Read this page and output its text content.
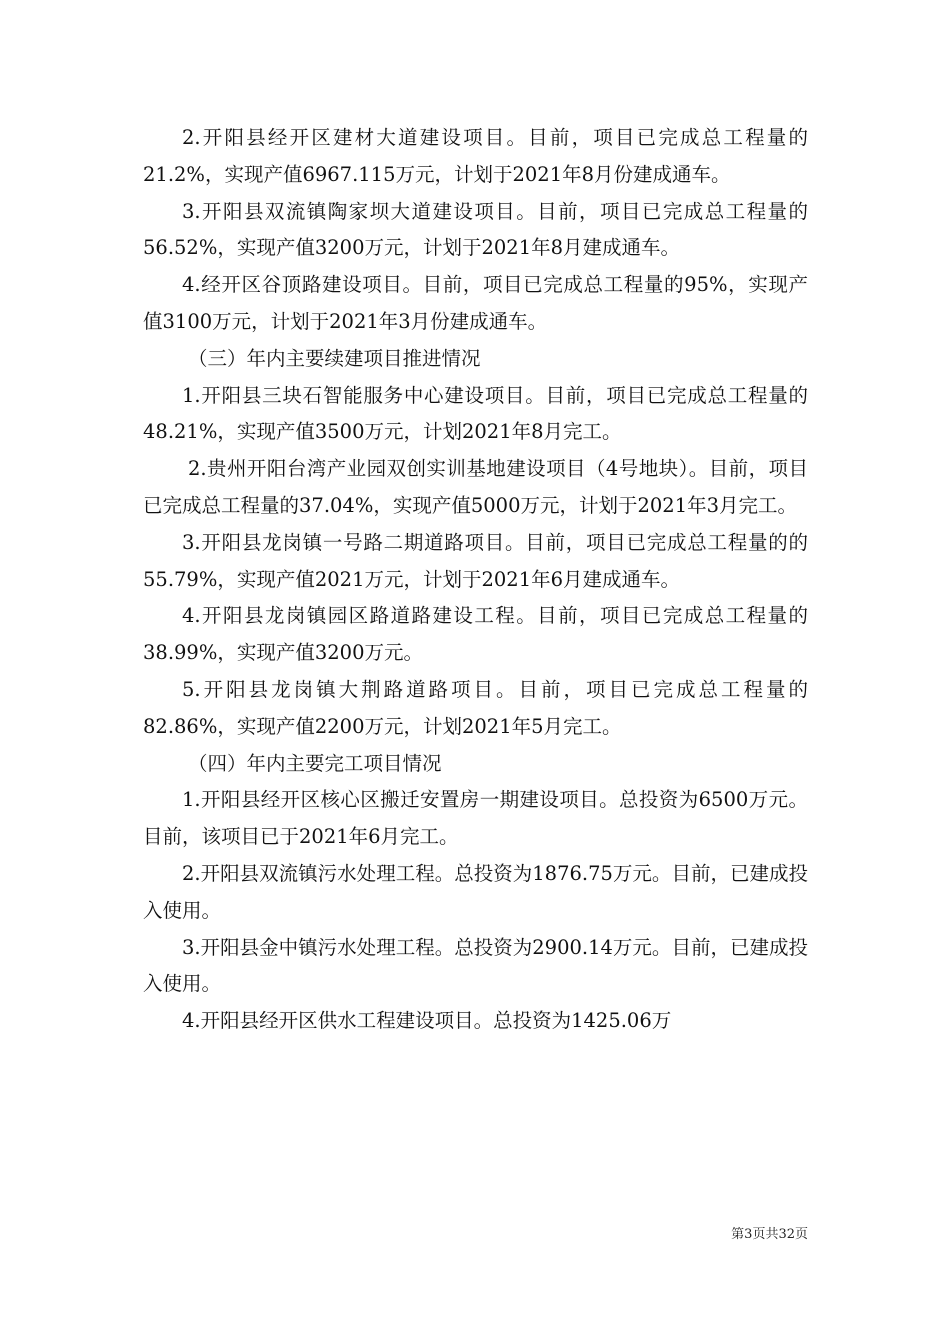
2.开阳县经开区建材大道建设项目。目前，项目已完成总工程量的21.2%，实现产值6967.115万元，计划于2021年8月份建成通车。

3.开阳县双流镇陶家坝大道建设项目。目前，项目已完成总工程量的56.52%，实现产值3200万元，计划于2021年8月建成通车。

4.经开区谷顶路建设项目。目前，项目已完成总工程量的95%，实现产值3100万元，计划于2021年3月份建成通车。

（三）年内主要续建项目推进情况

1.开阳县三块石智能服务中心建设项目。目前，项目已完成总工程量的48.21%，实现产值3500万元，计划2021年8月完工。

2.贵州开阳台湾产业园双创实训基地建设项目（4号地块）。目前，项目已完成总工程量的37.04%，实现产值5000万元，计划于2021年3月完工。

3.开阳县龙岗镇一号路二期道路项目。目前，项目已完成总工程量的的55.79%，实现产值2021万元，计划于2021年6月建成通车。

4.开阳县龙岗镇园区路道路建设工程。目前，项目已完成总工程量的38.99%，实现产值3200万元。

5.开阳县龙岗镇大荆路道路项目。目前，项目已完成总工程量的82.86%，实现产值2200万元，计划2021年5月完工。

（四）年内主要完工项目情况

1.开阳县经开区核心区搬迁安置房一期建设项目。总投资为6500万元。目前，该项目已于2021年6月完工。

2.开阳县双流镇污水处理工程。总投资为1876.75万元。目前，已建成投入使用。

3.开阳县金中镇污水处理工程。总投资为2900.14万元。目前，已建成投入使用。

4.开阳县经开区供水工程建设项目。总投资为1425.06万

第3页共32页
